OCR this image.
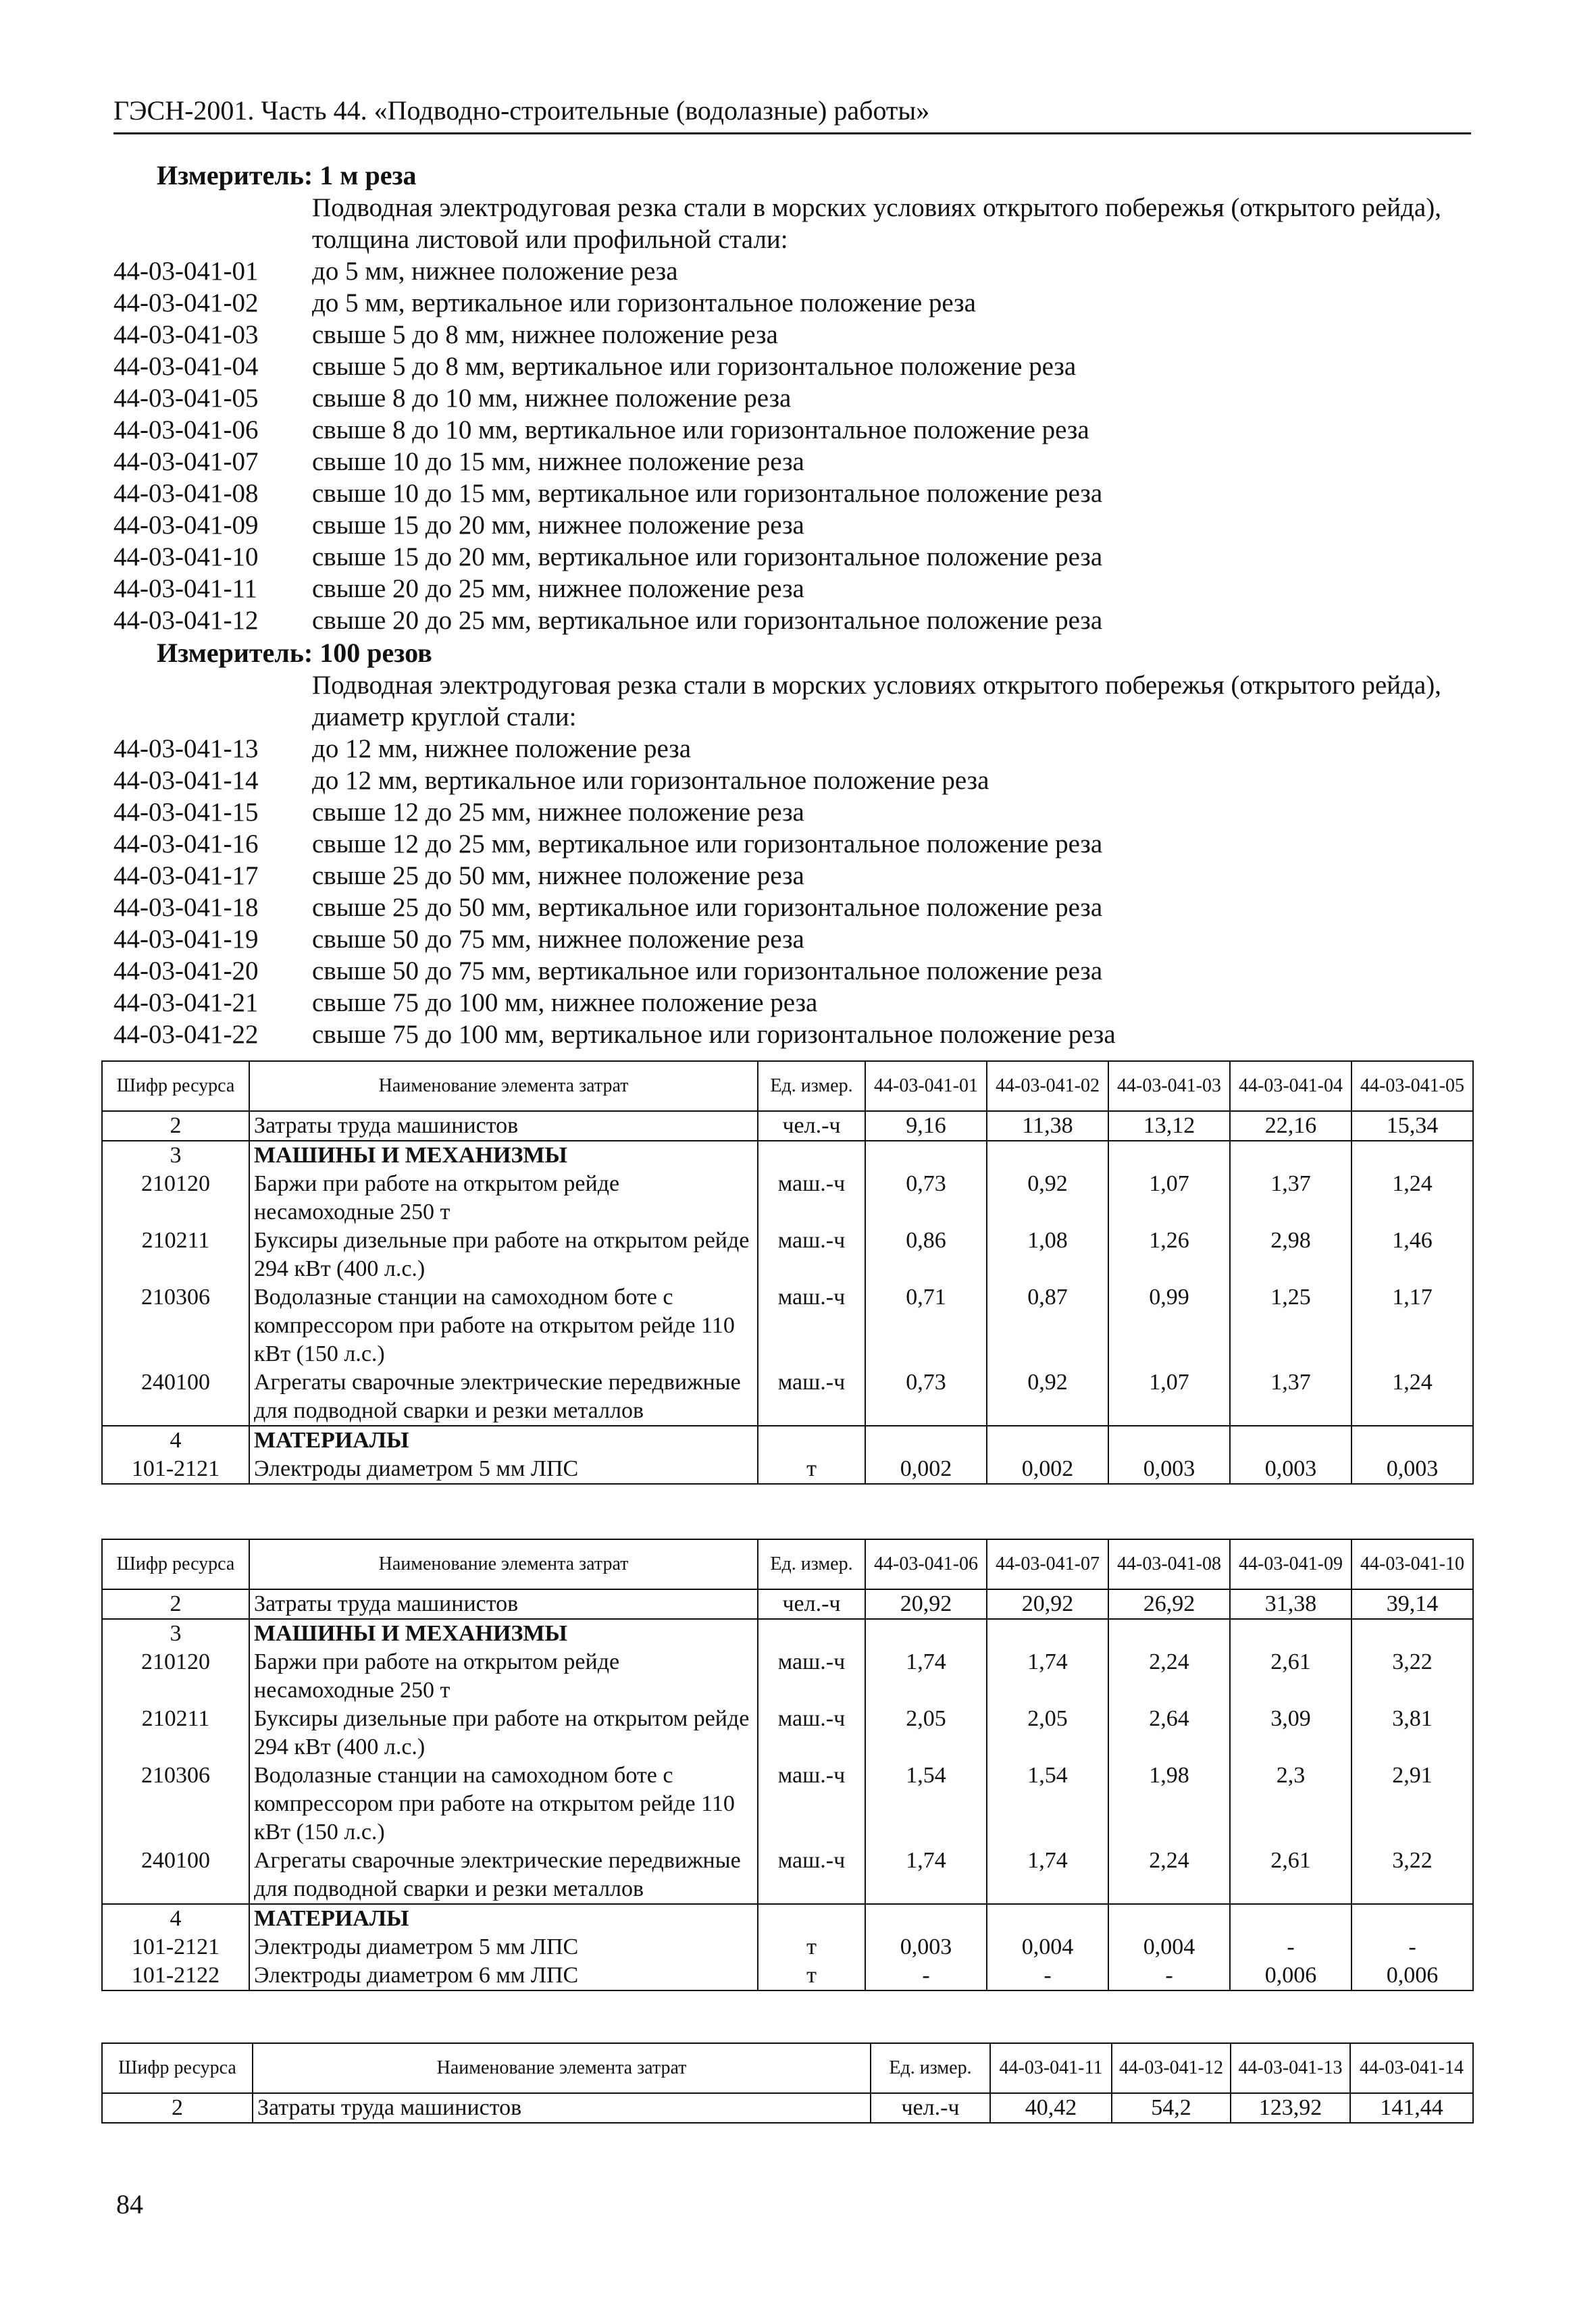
ГЭСН-2001. Часть 44. «Подводно-строительные (водолазные) работы»
Измеритель: 1 м реза
Подводная электродуговая резка стали в морских условиях открытого побережья (открытого рейда), толщина листовой или профильной стали:
44-03-041-01	до 5 мм, нижнее положение реза
44-03-041-02	до 5 мм, вертикальное или горизонтальное положение реза
44-03-041-03	свыше 5 до 8 мм, нижнее положение реза
44-03-041-04	свыше 5 до 8 мм, вертикальное или горизонтальное положение реза
44-03-041-05	свыше 8 до 10 мм, нижнее положение реза
44-03-041-06	свыше 8 до 10 мм, вертикальное или горизонтальное положение реза
44-03-041-07	свыше 10 до 15 мм, нижнее положение реза
44-03-041-08	свыше 10 до 15 мм, вертикальное или горизонтальное положение реза
44-03-041-09	свыше 15 до 20 мм, нижнее положение реза
44-03-041-10	свыше 15 до 20 мм, вертикальное или горизонтальное положение реза
44-03-041-11	свыше 20 до 25 мм, нижнее положение реза
44-03-041-12	свыше 20 до 25 мм, вертикальное или горизонтальное положение реза
Измеритель: 100 резов
Подводная электродуговая резка стали в морских условиях открытого побережья (открытого рейда), диаметр круглой стали:
44-03-041-13	до 12 мм, нижнее положение реза
44-03-041-14	до 12 мм, вертикальное или горизонтальное положение реза
44-03-041-15	свыше 12 до 25 мм, нижнее положение реза
44-03-041-16	свыше 12 до 25 мм, вертикальное или горизонтальное положение реза
44-03-041-17	свыше 25 до 50 мм, нижнее положение реза
44-03-041-18	свыше 25 до 50 мм, вертикальное или горизонтальное положение реза
44-03-041-19	свыше 50 до 75 мм, нижнее положение реза
44-03-041-20	свыше 50 до 75 мм, вертикальное или горизонтальное положение реза
44-03-041-21	свыше 75 до 100 мм, нижнее положение реза
44-03-041-22	свыше 75 до 100 мм, вертикальное или горизонтальное положение реза
Шифр ресурса	Наименование элемента затрат	Ед. измер.	44-03-041-01	44-03-041-02	44-03-041-03	44-03-041-04	44-03-041-05
2	Затраты труда машинистов	чел.-ч	9,16	11,38	13,12	22,16	15,34
3	МАШИНЫ И МЕХАНИЗМЫ						
210120	Баржи при работе на открытом рейде несамоходные 250 т	маш.-ч	0,73	0,92	1,07	1,37	1,24
210211	Буксиры дизельные при работе на открытом рейде 294 кВт (400 л.с.)	маш.-ч	0,86	1,08	1,26	2,98	1,46
210306	Водолазные станции на самоходном боте с компрессором при работе на открытом рейде 110 кВт (150 л.с.)	маш.-ч	0,71	0,87	0,99	1,25	1,17
240100	Агрегаты сварочные электрические передвижные для подводной сварки и резки металлов	маш.-ч	0,73	0,92	1,07	1,37	1,24
4	МАТЕРИАЛЫ						
101-2121	Электроды диаметром 5 мм ЛПС	т	0,002	0,002	0,003	0,003	0,003
Шифр ресурса	Наименование элемента затрат	Ед. измер.	44-03-041-06	44-03-041-07	44-03-041-08	44-03-041-09	44-03-041-10
2	Затраты труда машинистов	чел.-ч	20,92	20,92	26,92	31,38	39,14
3	МАШИНЫ И МЕХАНИЗМЫ						
210120	Баржи при работе на открытом рейде несамоходные 250 т	маш.-ч	1,74	1,74	2,24	2,61	3,22
210211	Буксиры дизельные при работе на открытом рейде 294 кВт (400 л.с.)	маш.-ч	2,05	2,05	2,64	3,09	3,81
210306	Водолазные станции на самоходном боте с компрессором при работе на открытом рейде 110 кВт (150 л.с.)	маш.-ч	1,54	1,54	1,98	2,3	2,91
240100	Агрегаты сварочные электрические передвижные для подводной сварки и резки металлов	маш.-ч	1,74	1,74	2,24	2,61	3,22
4	МАТЕРИАЛЫ						
101-2121	Электроды диаметром 5 мм ЛПС	т	0,003	0,004	0,004	-	-
101-2122	Электроды диаметром 6 мм ЛПС	т	-	-	-	0,006	0,006
Шифр ресурса	Наименование элемента затрат	Ед. измер.	44-03-041-11	44-03-041-12	44-03-041-13	44-03-041-14
2	Затраты труда машинистов	чел.-ч	40,42	54,2	123,92	141,44
84
